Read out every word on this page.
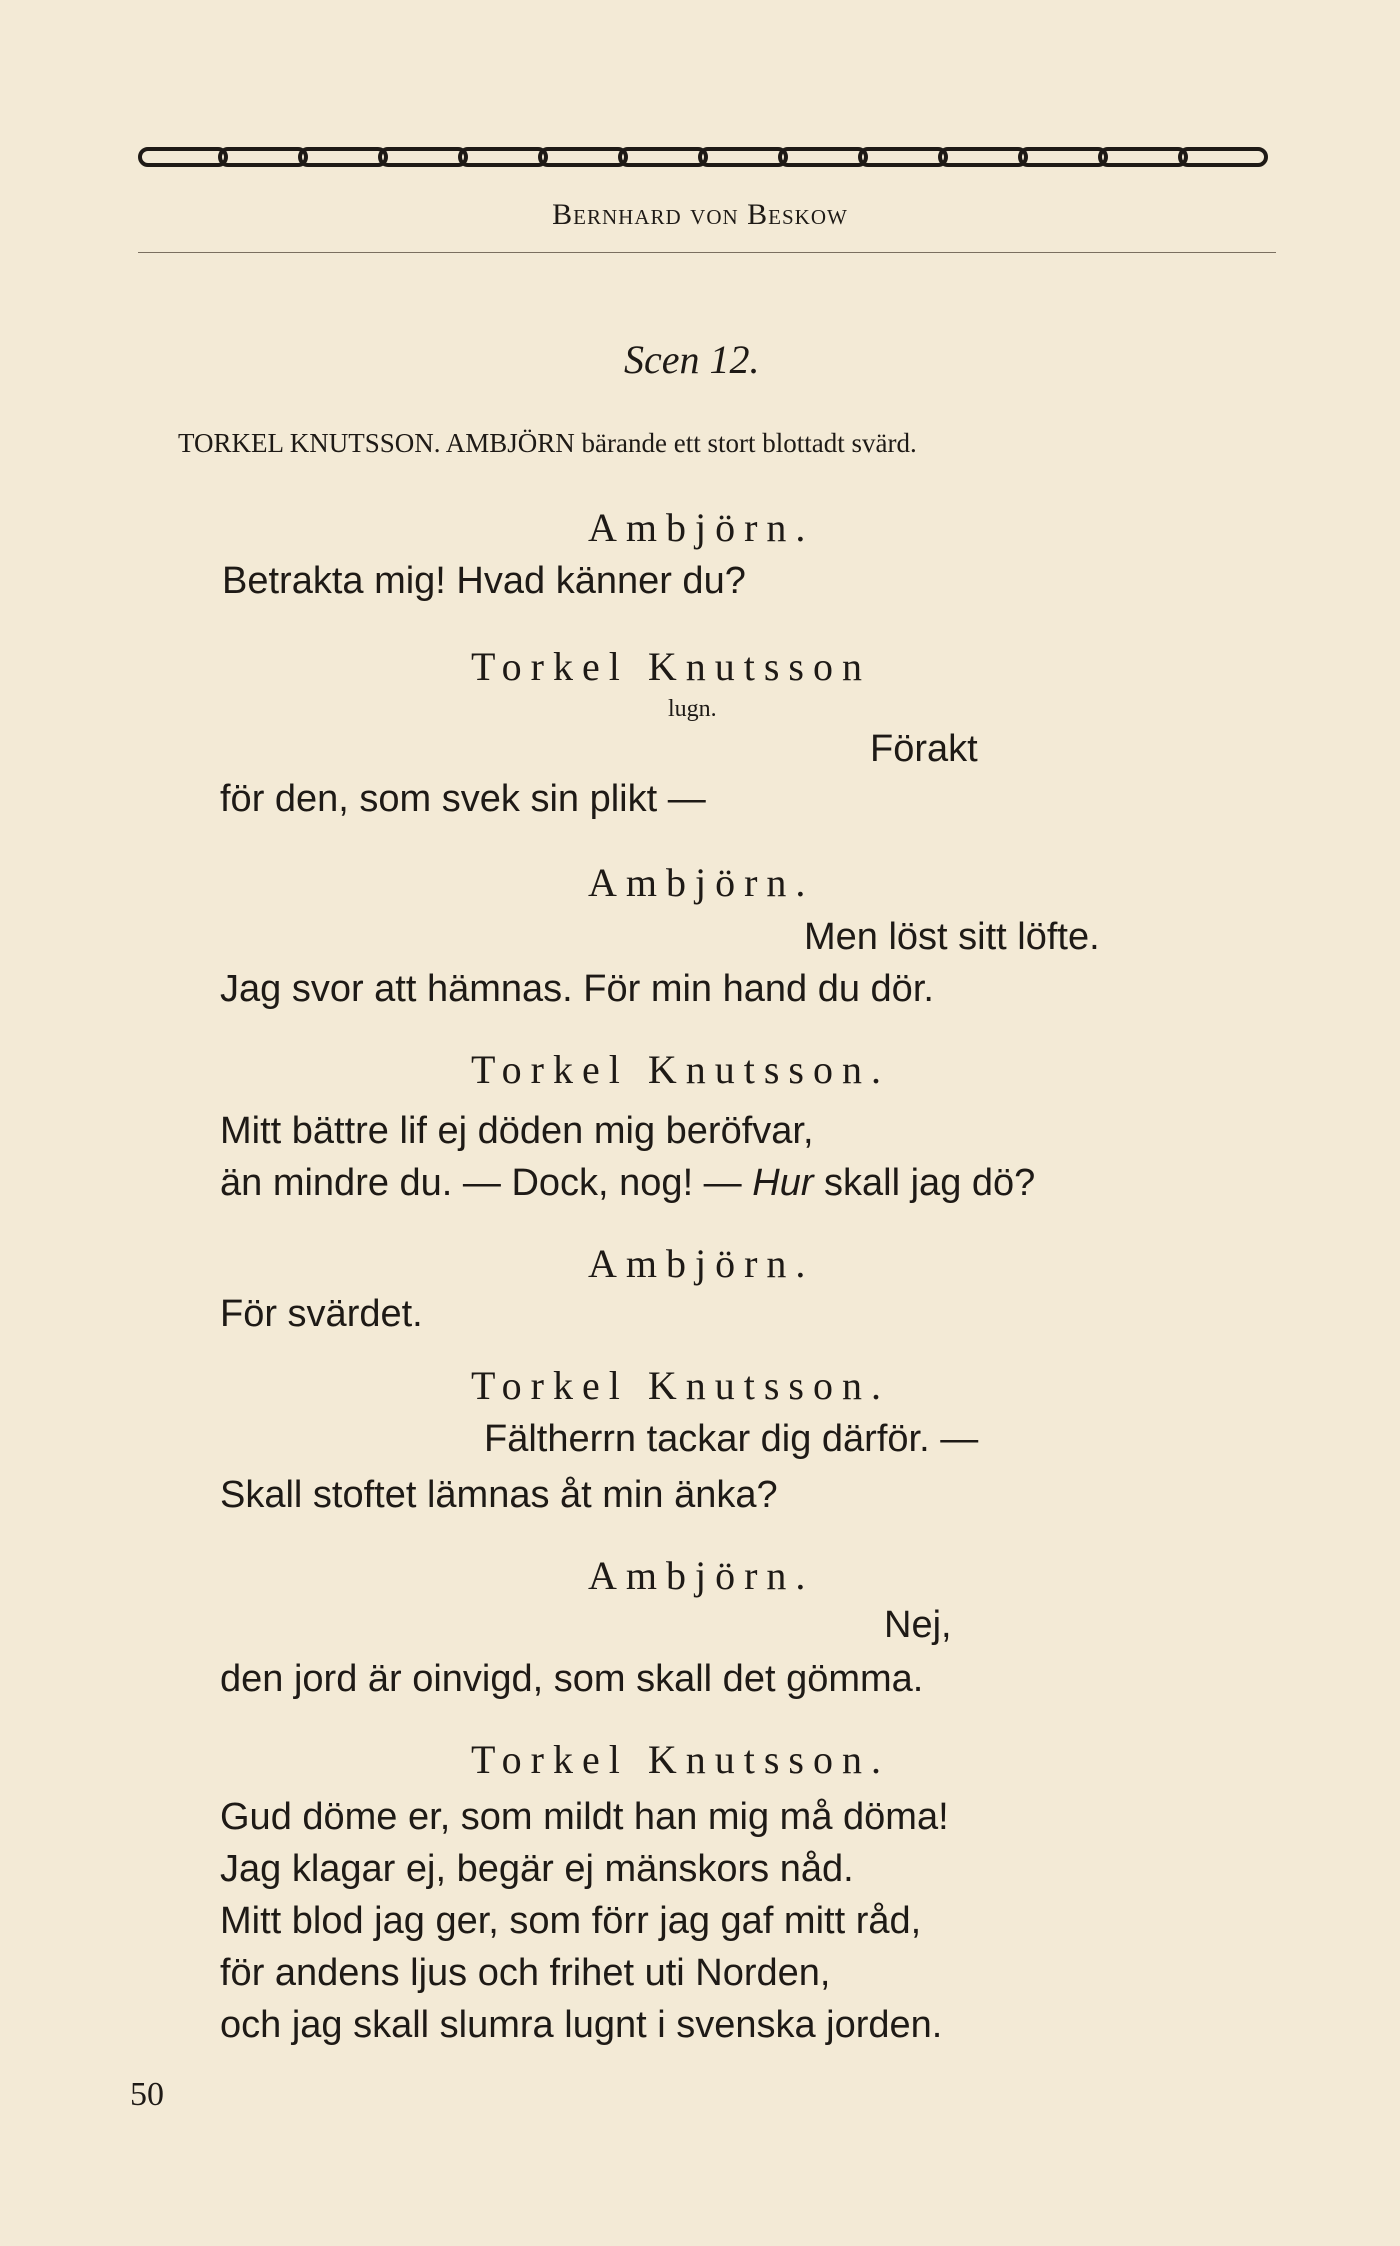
Bernhard von Beskow
Scen 12.
TORKEL KNUTSSON. AMBJÖRN bärande ett stort blottadt svärd.
Ambjörn.
Betrakta mig! Hvad känner du?
Torkel Knutsson
lugn.
Förakt
för den, som svek sin plikt —
Ambjörn.
Men löst sitt löfte.
Jag svor att hämnas. För min hand du dör.
Torkel Knutsson.
Mitt bättre lif ej döden mig beröfvar,
än mindre du. — Dock, nog! — Hur skall jag dö?
Ambjörn.
För svärdet.
Torkel Knutsson.
Fältherrn tackar dig därför. —
Skall stoftet lämnas åt min änka?
Ambjörn.
Nej,
den jord är oinvigd, som skall det gömma.
Torkel Knutsson.
Gud döme er, som mildt han mig må döma!
Jag klagar ej, begär ej mänskors nåd.
Mitt blod jag ger, som förr jag gaf mitt råd,
för andens ljus och frihet uti Norden,
och jag skall slumra lugnt i svenska jorden.
50
